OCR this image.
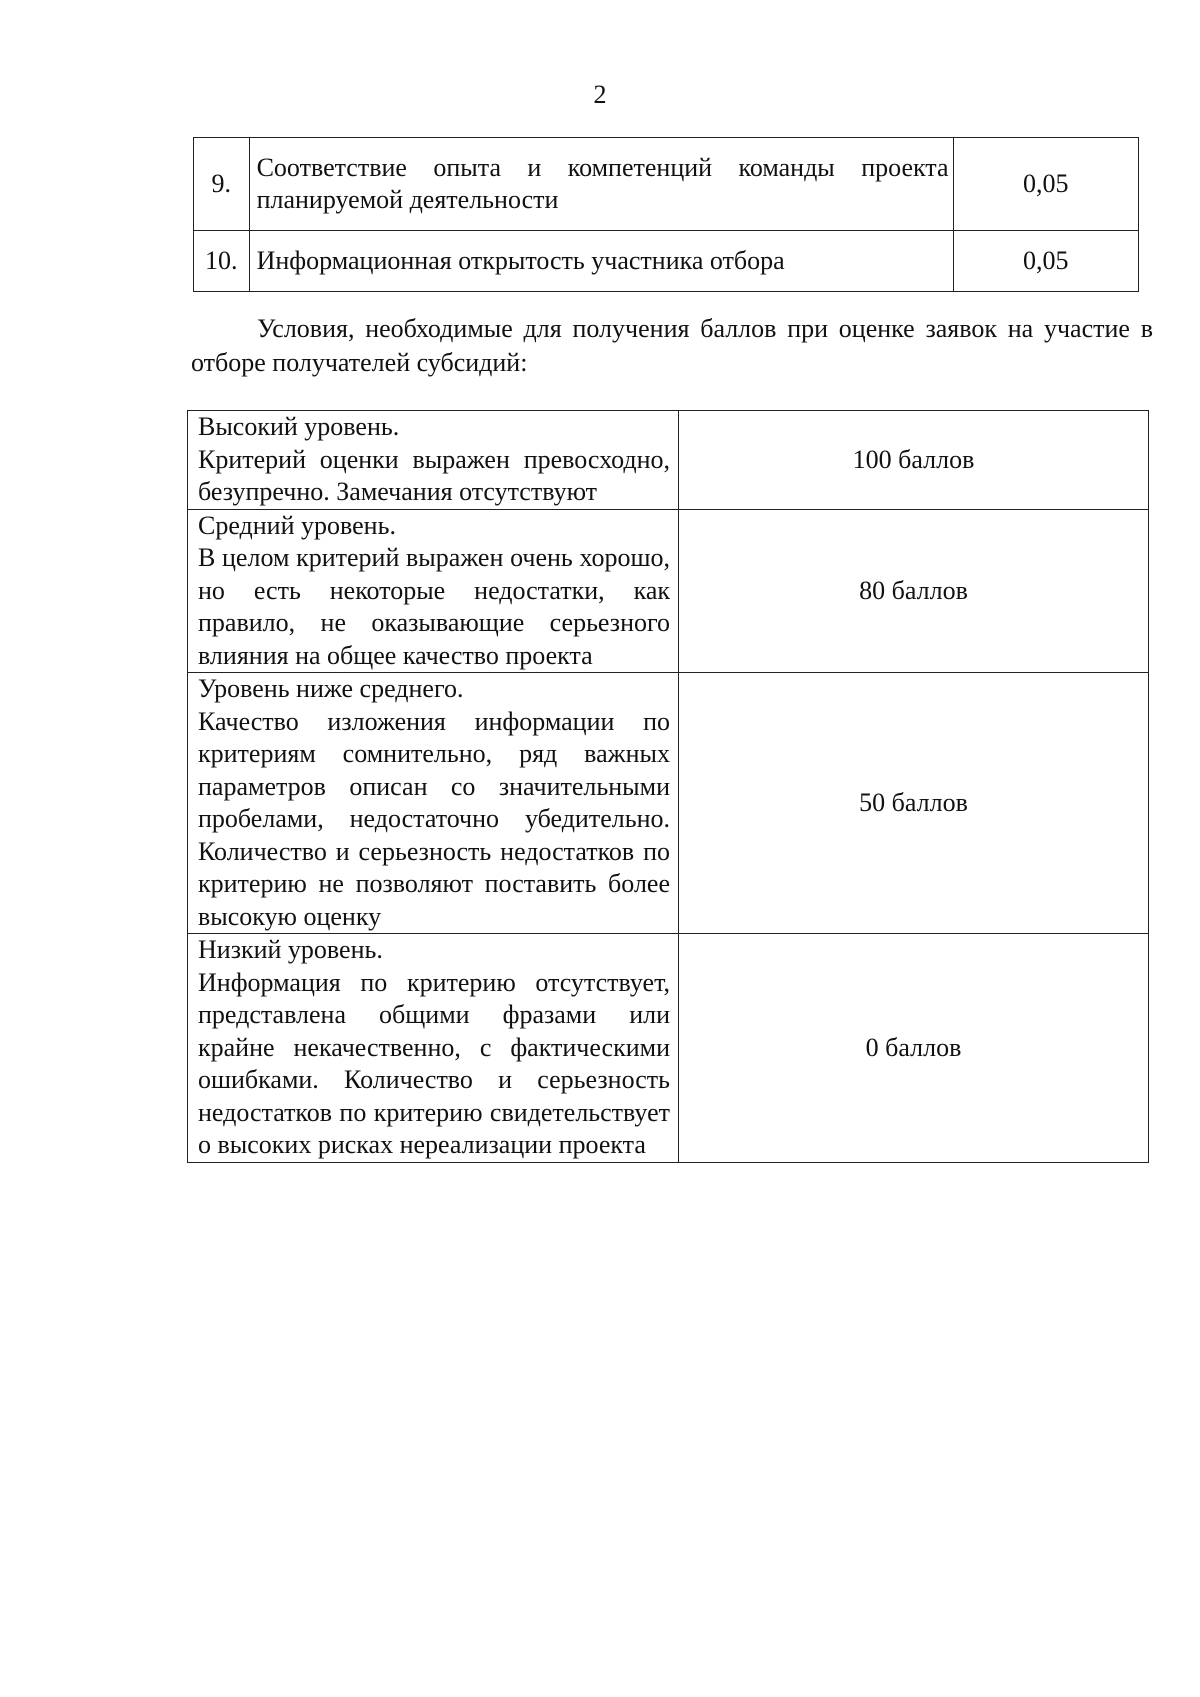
2
9.	Соответствие опыта и компетенций команды проекта планируемой деятельности	0,05
10.	Информационная открытость участника отбора	0,05

Условия, необходимые для получения баллов при оценке заявок на участие в отборе получателей субсидий:

Высокий уровень.
Критерий оценки выражен превосходно, безупречно. Замечания отсутствуют	100 баллов

Средний уровень.
В целом критерий выражен очень хорошо, но есть некоторые недостатки, как правило, не оказывающие серьезного влияния на общее качество проекта	80 баллов

Уровень ниже среднего.
Качество изложения информации по критериям сомнительно, ряд важных параметров описан со значительными пробелами, недостаточно убедительно. Количество и серьезность недостатков по критерию не позволяют поставить более высокую оценку	50 баллов

Низкий уровень.
Информация по критерию отсутствует, представлена общими фразами или крайне некачественно, с фактическими ошибками. Количество и серьезность недостатков по критерию свидетельствует о высоких рисках нереализации проекта	0 баллов
